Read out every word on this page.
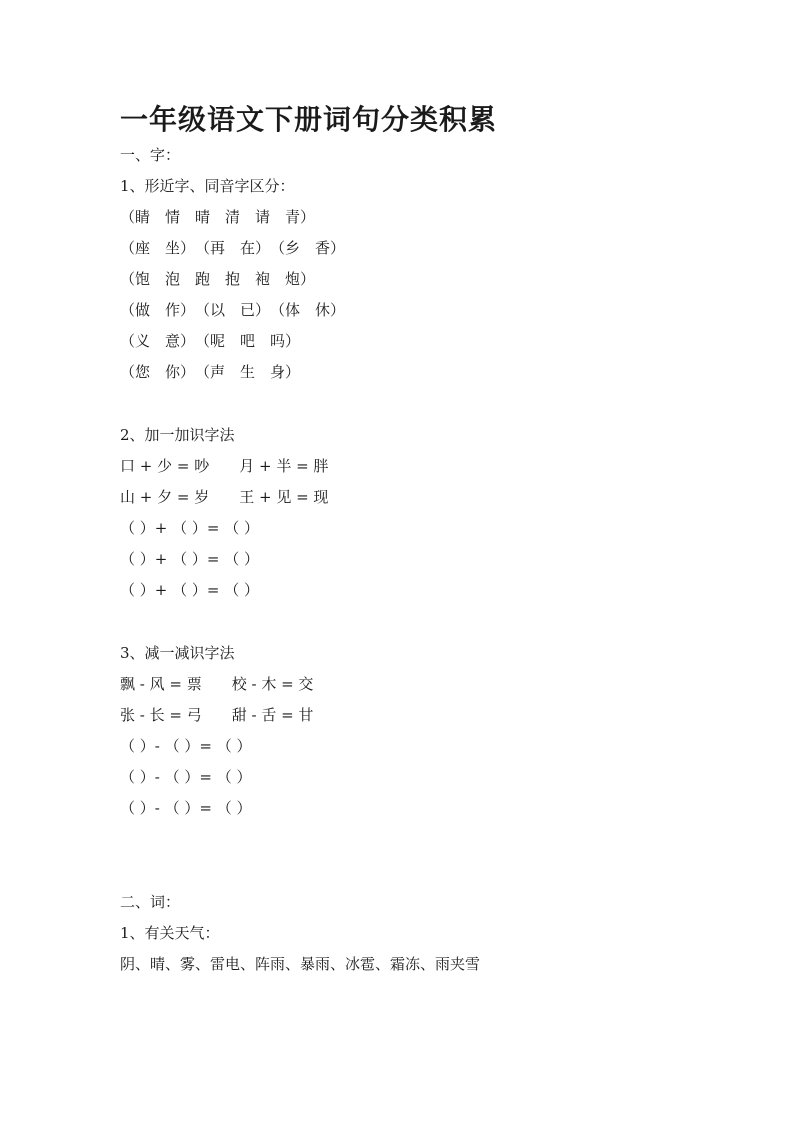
一年级语文下册词句分类积累
一、字：
1、形近字、同音字区分：
（睛　情　晴　清　请　青）
（座　坐）　（再　在）　（乡　香）
（饱　泡　跑　抱　袍　炮）
（做　作）　（以　已）　（体　休）
（义　意）　（呢　吧　吗）
（您　你）　（声　生　身）
2、加一加识字法
口 + 少 = 吵　　月 + 半 = 胖
山 + 夕 = 岁　　王 + 见 = 现
（ ）+ （ ）= （ ）
（ ）+ （ ）= （ ）
（ ）+ （ ）= （ ）
3、减一减识字法
飘 - 风 = 票　　校 - 木 = 交
张 - 长 = 弓　　甜 - 舌 = 甘
（ ）- （ ）= （ ）
（ ）- （ ）= （ ）
（ ）- （ ）= （ ）
二、词：
1、有关天气：
阴、晴、雾、雷电、阵雨、暴雨、冰雹、霜冻、雨夹雪
